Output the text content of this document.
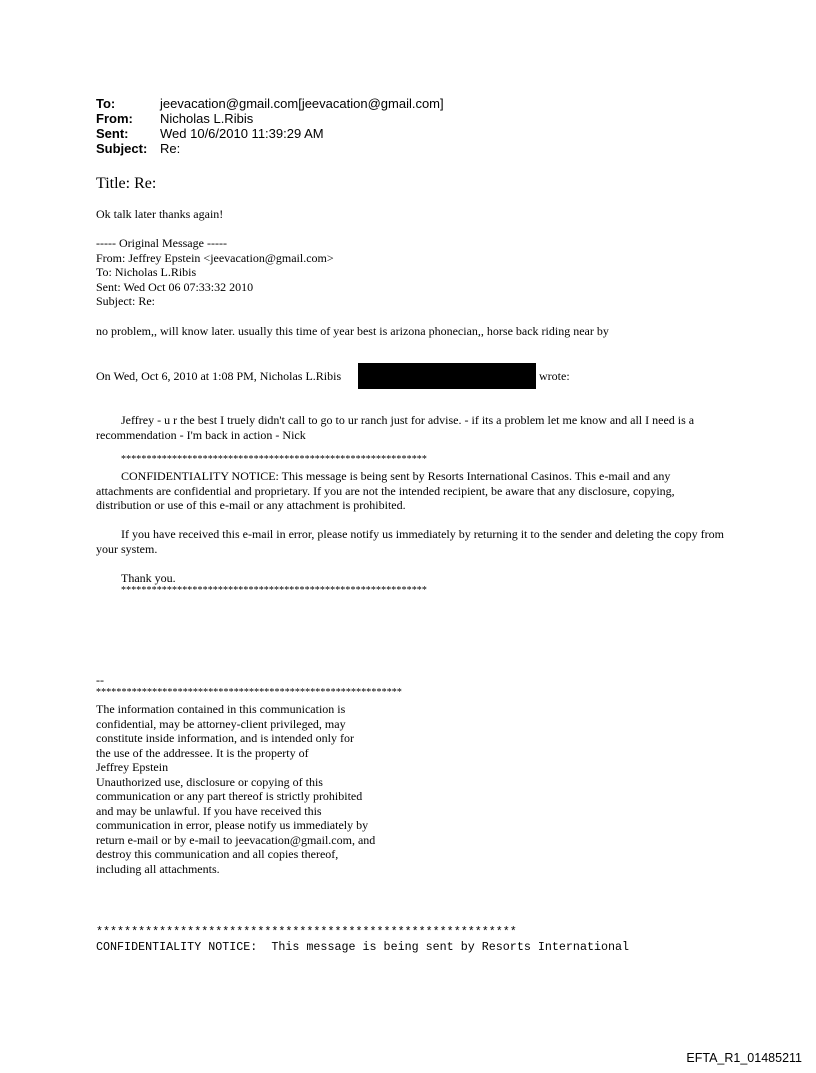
To:	jeevacation@gmail.com[jeevacation@gmail.com]
From:	Nicholas L.Ribis
Sent:	Wed 10/6/2010 11:39:29 AM
Subject: Re:
Title: Re:
Ok talk later thanks again!
----- Original Message -----
From: Jeffrey Epstein <jeevacation@gmail.com>
To: Nicholas L.Ribis
Sent: Wed Oct 06 07:33:32 2010
Subject: Re:
no problem,, will know later. usually this time of year best is arizona phonecian,, horse back riding near by
On Wed, Oct 6, 2010 at 1:08 PM, Nicholas L.Ribis	wrote:
Jeffrey - u r the best I truely didn't call to go to ur ranch just for advise. - if its a problem let me know and all I need is a recommendation - I'm back in action - Nick
************************************************************
CONFIDENTIALITY NOTICE: This message is being sent by Resorts International Casinos. This e-mail and any attachments are confidential and proprietary. If you are not the intended recipient, be aware that any disclosure, copying, distribution or use of this e-mail or any attachment is prohibited.
If you have received this e-mail in error, please notify us immediately by returning it to the sender and deleting the copy from your system.
Thank you.
************************************************************
--
************************************************************
The information contained in this communication is
confidential, may be attorney-client privileged, may
constitute inside information, and is intended only for
the use of the addressee. It is the property of
Jeffrey Epstein
Unauthorized use, disclosure or copying of this
communication or any part thereof is strictly prohibited
and may be unlawful. If you have received this
communication in error, please notify us immediately by
return e-mail or by e-mail to jeevacation@gmail.com, and
destroy this communication and all copies thereof,
including all attachments.
************************************************************
CONFIDENTIALITY NOTICE:  This message is being sent by Resorts International
EFTA_R1_01485211
